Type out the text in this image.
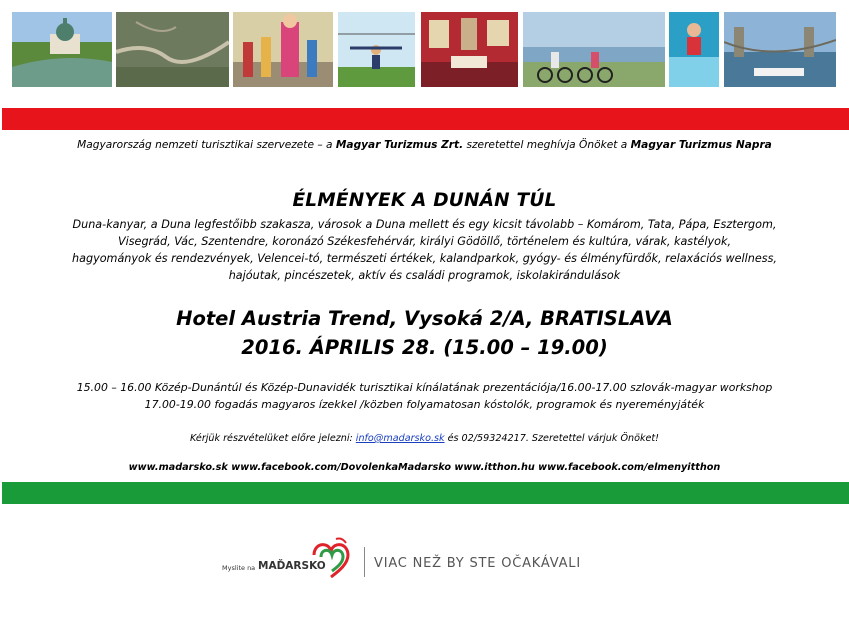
Magyarország nemzeti turisztikai szervezete – a Magyar Turizmus Zrt. szeretettel meghívja Önöket a Magyar Turizmus Napra
ÉLMÉNYEK A DUNÁN TÚL
Duna-kanyar, a Duna legfestőibb szakasza, városok a Duna mellett és egy kicsit távolabb – Komárom, Tata, Pápa, Esztergom,
Visegrád, Vác, Szentendre, koronázó Székesfehérvár, királyi Gödöllő, történelem és kultúra, várak, kastélyok,
hagyományok és rendezvények, Velencei-tó, természeti értékek, kalandparkok, gyógy- és élményfürdők, relaxációs wellness,
hajóutak, pincészetek, aktív és családi programok, iskolakirándulások
Hotel Austria Trend, Vysoká 2/A, BRATISLAVA
2016. ÁPRILIS 28. (15.00 – 19.00)
15.00 – 16.00 Közép-Dunántúl és Közép-Dunavidék turisztikai kínálatának prezentációja/16.00-17.00 szlovák-magyar workshop
17.00-19.00 fogadás magyaros ízekkel /közben folyamatosan kóstolók, programok és nyereményjáték
Kérjük részvételüket előre jelezni: info@madarsko.sk és 02/59324217. Szeretettel várjuk Önöket!
www.madarsko.sk www.facebook.com/DovolenkaMadarsko www.itthon.hu www.facebook.com/elmenyitthon
Myslite na MAĎARSKO	VIAC NEŽ BY STE OČAKÁVALI
